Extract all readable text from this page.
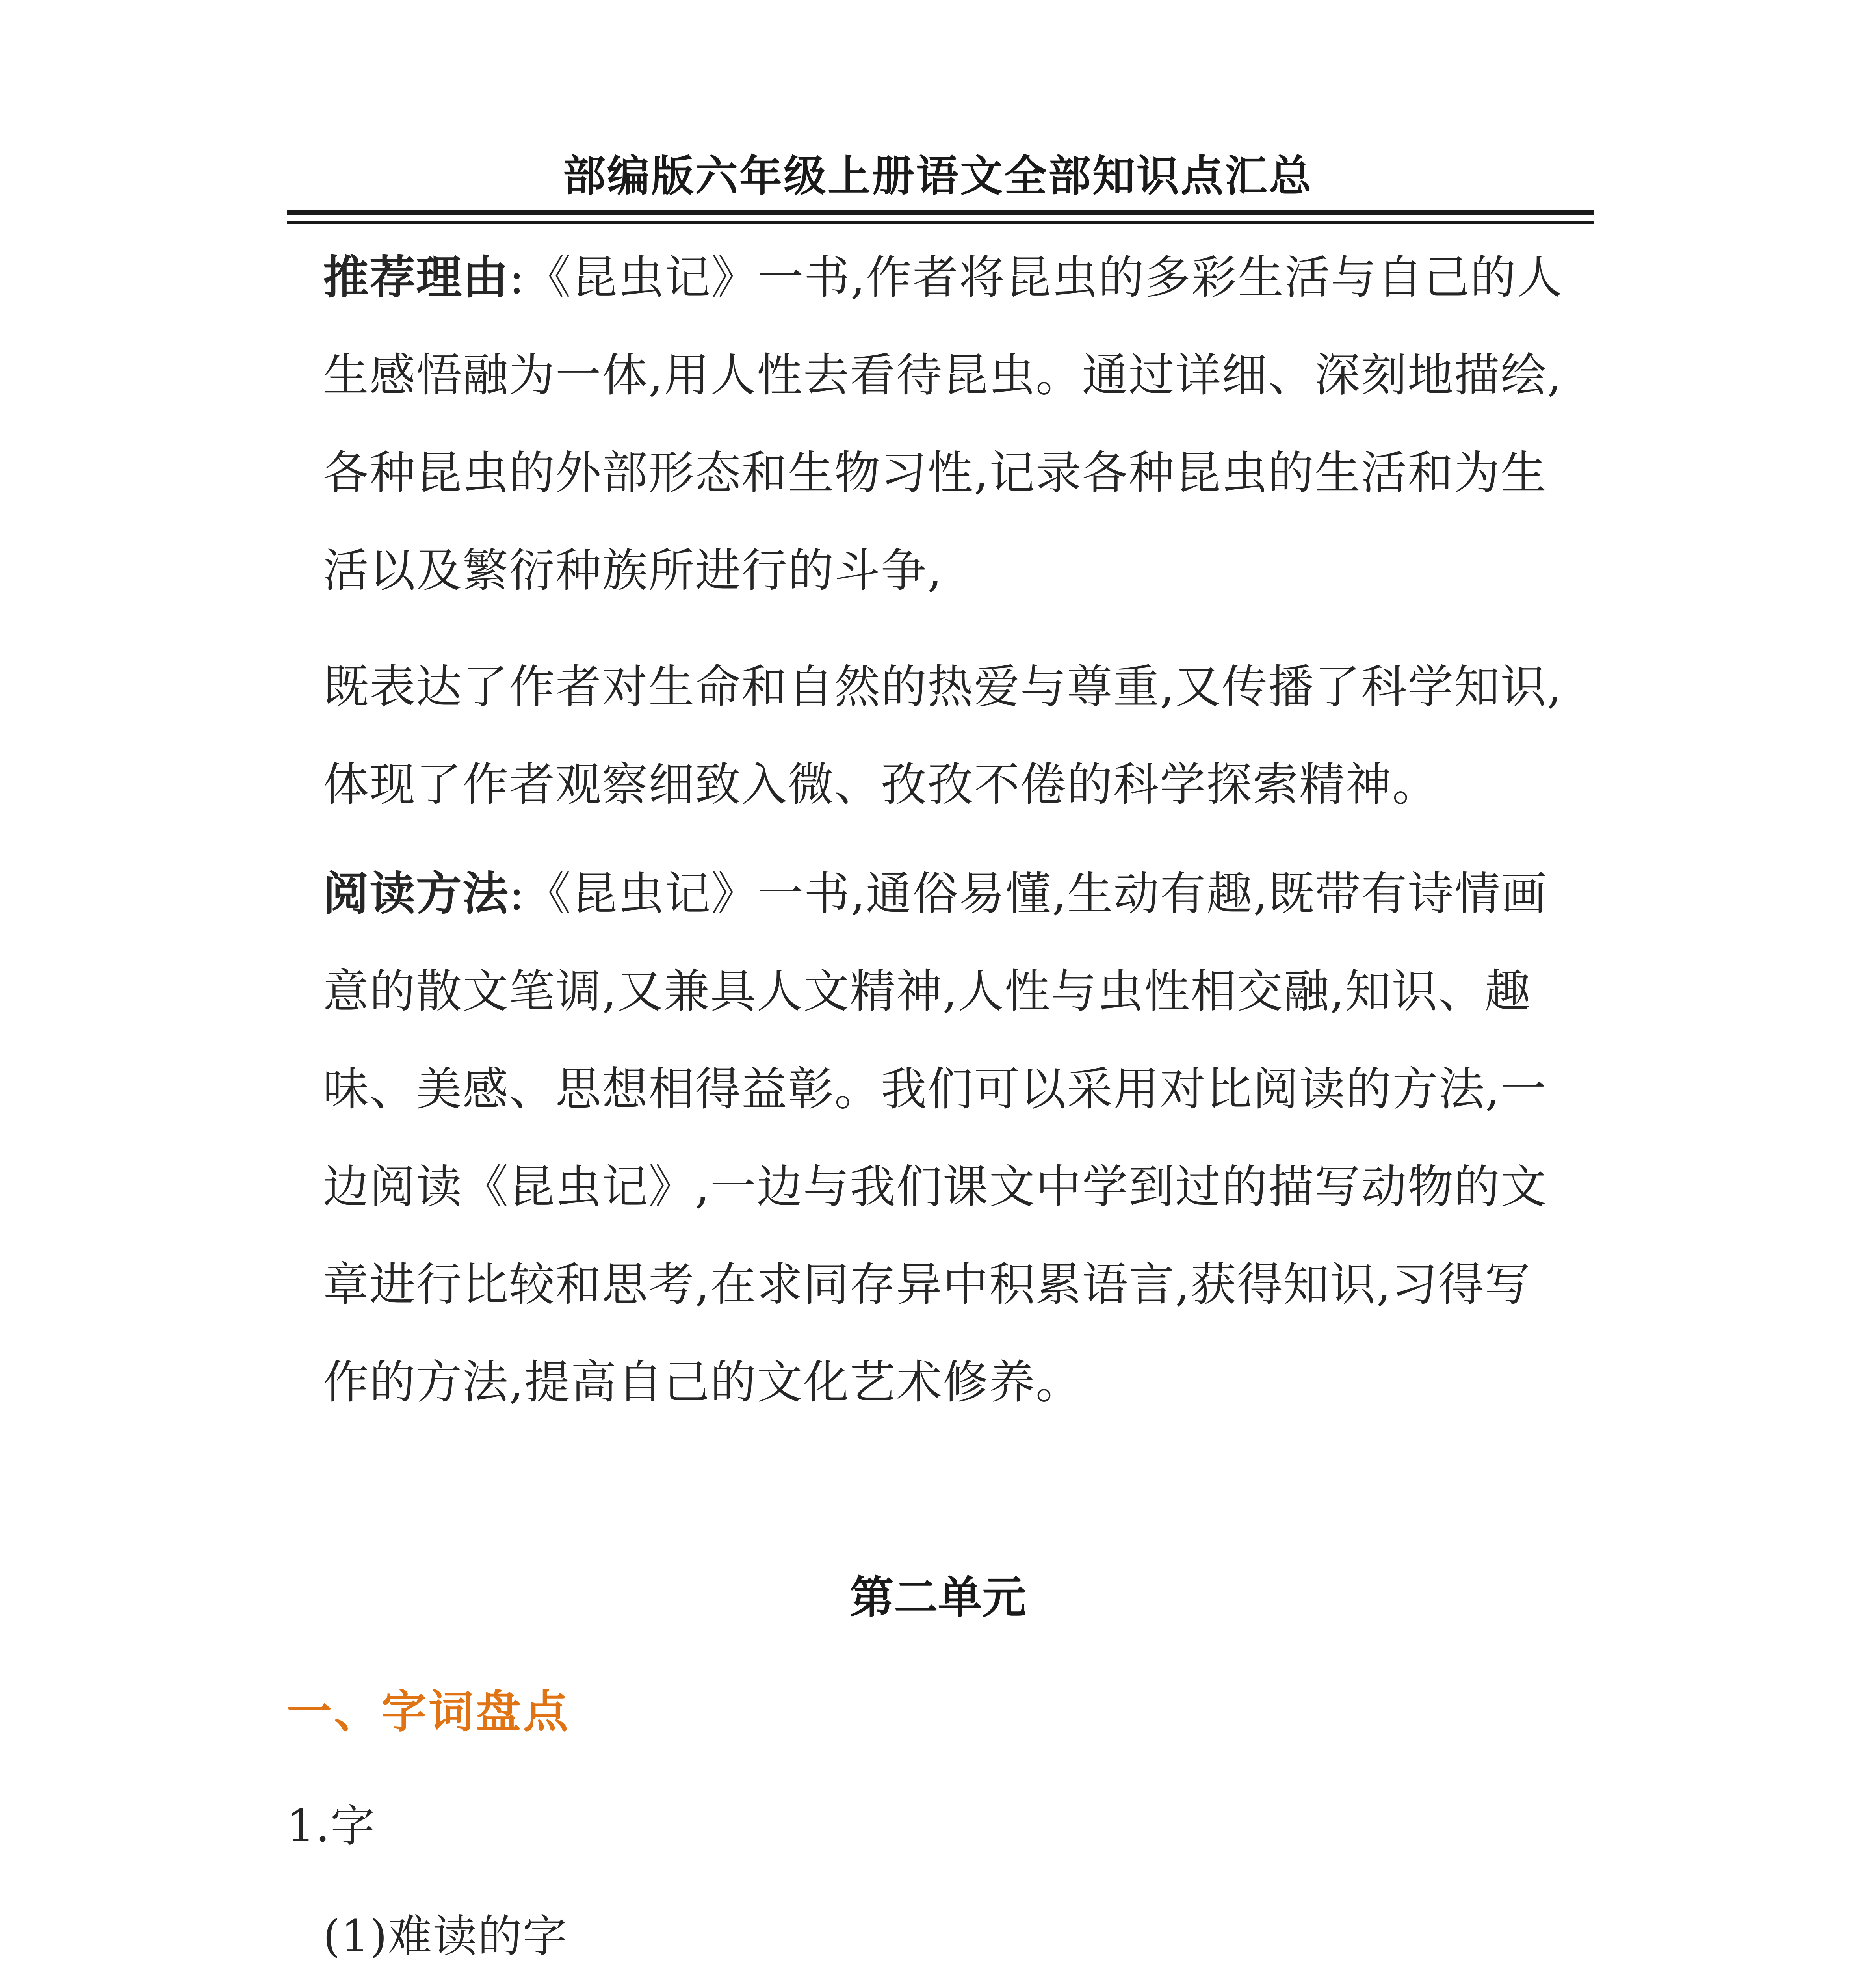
部编版六年级上册语文全部知识点汇总
推荐理由:《昆虫记》一书,作者将昆虫的多彩生活与自己的人
生感悟融为一体,用人性去看待昆虫。通过详细、深刻地描绘,
各种昆虫的外部形态和生物习性,记录各种昆虫的生活和为生
活以及繁衍种族所进行的斗争,
既表达了作者对生命和自然的热爱与尊重,又传播了科学知识,
体现了作者观察细致入微、孜孜不倦的科学探索精神。
阅读方法:《昆虫记》一书,通俗易懂,生动有趣,既带有诗情画
意的散文笔调,又兼具人文精神,人性与虫性相交融,知识、趣
味、美感、思想相得益彰。我们可以采用对比阅读的方法,一
边阅读《昆虫记》,一边与我们课文中学到过的描写动物的文
章进行比较和思考,在求同存异中积累语言,获得知识,习得写
作的方法,提高自己的文化艺术修养。
第二单元
一、字词盘点
1.字
(1)难读的字
